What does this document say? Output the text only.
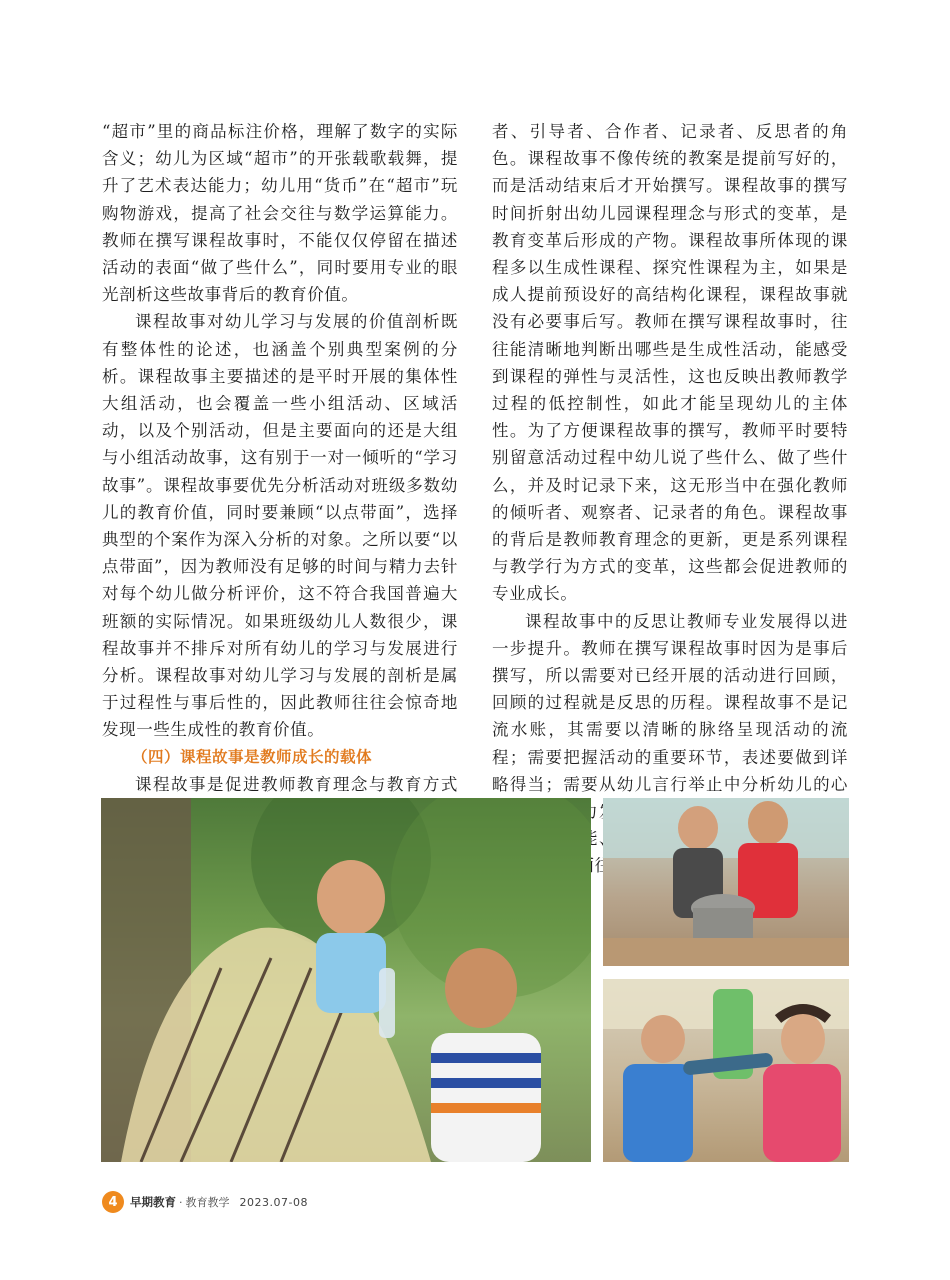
“超市”里的商品标注价格，理解了数字的实际含义；幼儿为区域“超市”的开张载歌载舞，提升了艺术表达能力；幼儿用“货币”在“超市”玩购物游戏，提高了社会交往与数学运算能力。教师在撰写课程故事时，不能仅仅停留在描述活动的表面“做了些什么”，同时要用专业的眼光剖析这些故事背后的教育价值。

课程故事对幼儿学习与发展的价值剖析既有整体性的论述，也涵盖个别典型案例的分析。课程故事主要描述的是平时开展的集体性大组活动，也会覆盖一些小组活动、区域活动，以及个别活动，但是主要面向的还是大组与小组活动故事，这有别于一对一倾听的“学习故事”。课程故事要优先分析活动对班级多数幼儿的教育价值，同时要兼顾“以点带面”，选择典型的个案作为深入分析的对象。之所以要“以点带面”，因为教师没有足够的时间与精力去针对每个幼儿做分析评价，这不符合我国普遍大班额的实际情况。如果班级幼儿人数很少，课程故事并不排斥对所有幼儿的学习与发展进行分析。课程故事对幼儿学习与发展的剖析是属于过程性与事后性的，因此教师往往会惊奇地发现一些生成性的教育价值。

（四）课程故事是教师成长的载体

课程故事是促进教师教育理念与教育方式

者、引导者、合作者、记录者、反思者的角色。课程故事不像传统的教案是提前写好的，而是活动结束后才开始撰写。课程故事的撰写时间折射出幼儿园课程理念与形式的变革，是教育变革后形成的产物。课程故事所体现的课程多以生成性课程、探究性课程为主，如果是成人提前预设好的高结构化课程，课程故事就没有必要事后写。教师在撰写课程故事时，往往能清晰地判断出哪些是生成性活动，能感受到课程的弹性与灵活性，这也反映出教师教学过程的低控制性，如此才能呈现幼儿的主体性。为了方便课程故事的撰写，教师平时要特别留意活动过程中幼儿说了些什么、做了些什么，并及时记录下来，这无形当中在强化教师的倾听者、观察者、记录者的角色。课程故事的背后是教师教育理念的更新，更是系列课程与教学行为方式的变革，这些都会促进教师的专业成长。

课程故事中的反思让教师专业发展得以进一步提升。教师在撰写课程故事时因为是事后撰写，所以需要对已经开展的活动进行回顾，回顾的过程就是反思的历程。课程故事不是记流水账，其需要以清晰的脉络呈现活动的流程；需要把握活动的重要环节，表述要做到详略得当；需要从幼儿言行举止中分析幼儿的心 能、

4	早期教育 · 教育教学 2023.07-08
